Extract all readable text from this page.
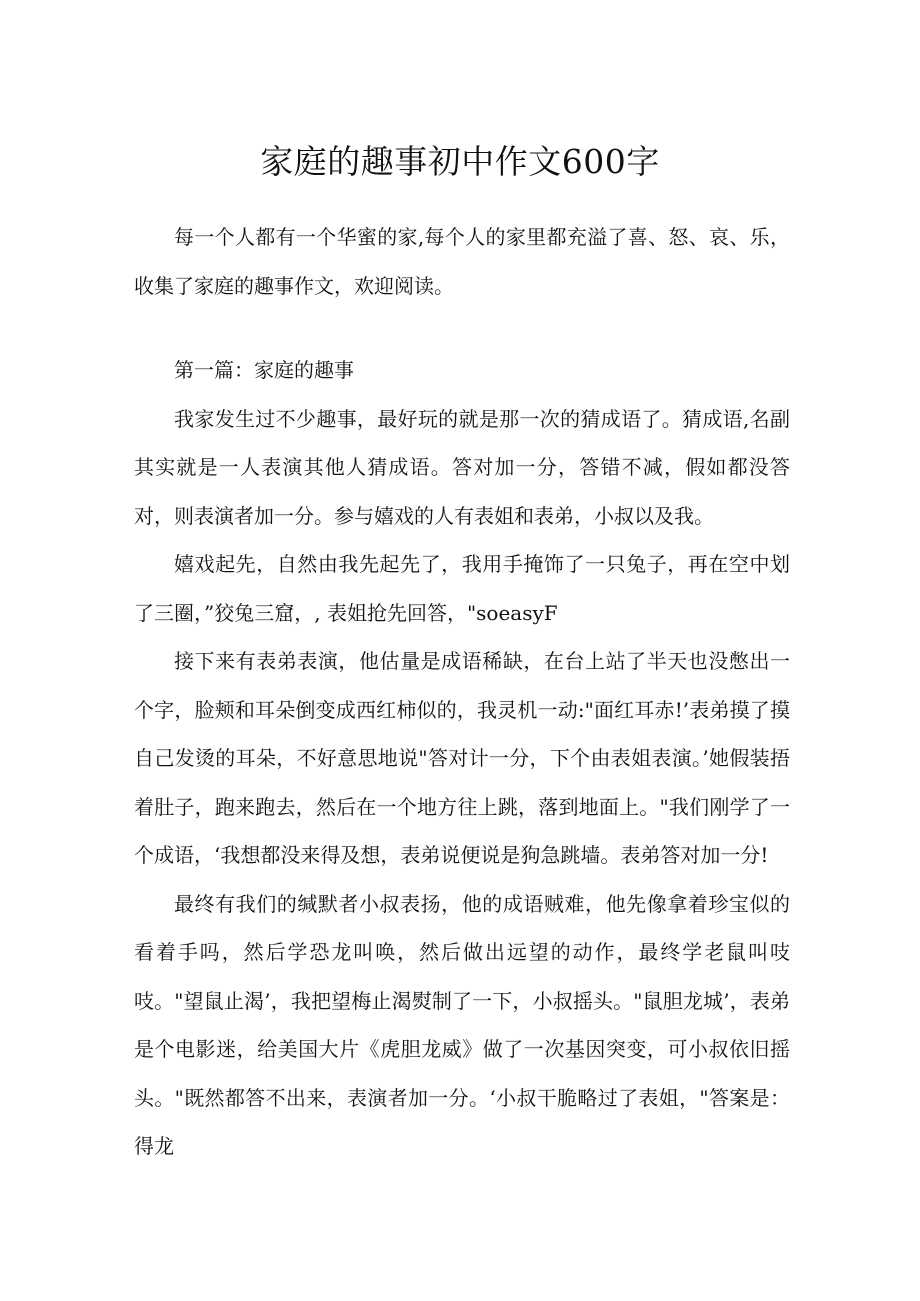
家庭的趣事初中作文600字

每一个人都有一个华蜜的家,每个人的家里都充溢了喜、怒、哀、乐，收集了家庭的趣事作文，欢迎阅读。

第一篇：家庭的趣事

我家发生过不少趣事，最好玩的就是那一次的猜成语了。猜成语,名副其实就是一人表演其他人猜成语。答对加一分，答错不减，假如都没答对，则表演者加一分。参与嬉戏的人有表姐和表弟，小叔以及我。

嬉戏起先，自然由我先起先了，我用手掩饰了一只兔子，再在空中划了三圈，”狡兔三窟，, 表姐抢先回答，"soeasyF

接下来有表弟表演，他估量是成语稀缺，在台上站了半天也没憋出一个字，脸颊和耳朵倒变成西红柿似的，我灵机一动:"面红耳赤!’表弟摸了摸自己发烫的耳朵，不好意思地说"答对计一分，下个由表姐表演。’她假装捂着肚子，跑来跑去，然后在一个地方往上跳，落到地面上。"我们刚学了一个成语，‘我想都没来得及想，表弟说便说是狗急跳墙。表弟答对加一分!

最终有我们的缄默者小叔表扬，他的成语贼难，他先像拿着珍宝似的看着手吗，然后学恐龙叫唤，然后做出远望的动作，最终学老鼠叫吱吱。"望鼠止渴’，我把望梅止渴熨制了一下，小叔摇头。"鼠胆龙城’，表弟是个电影迷，给美国大片《虎胆龙威》做了一次基因突变，可小叔依旧摇头。"既然都答不出来，表演者加一分。‘小叔干脆略过了表姐，"答案是：得龙
